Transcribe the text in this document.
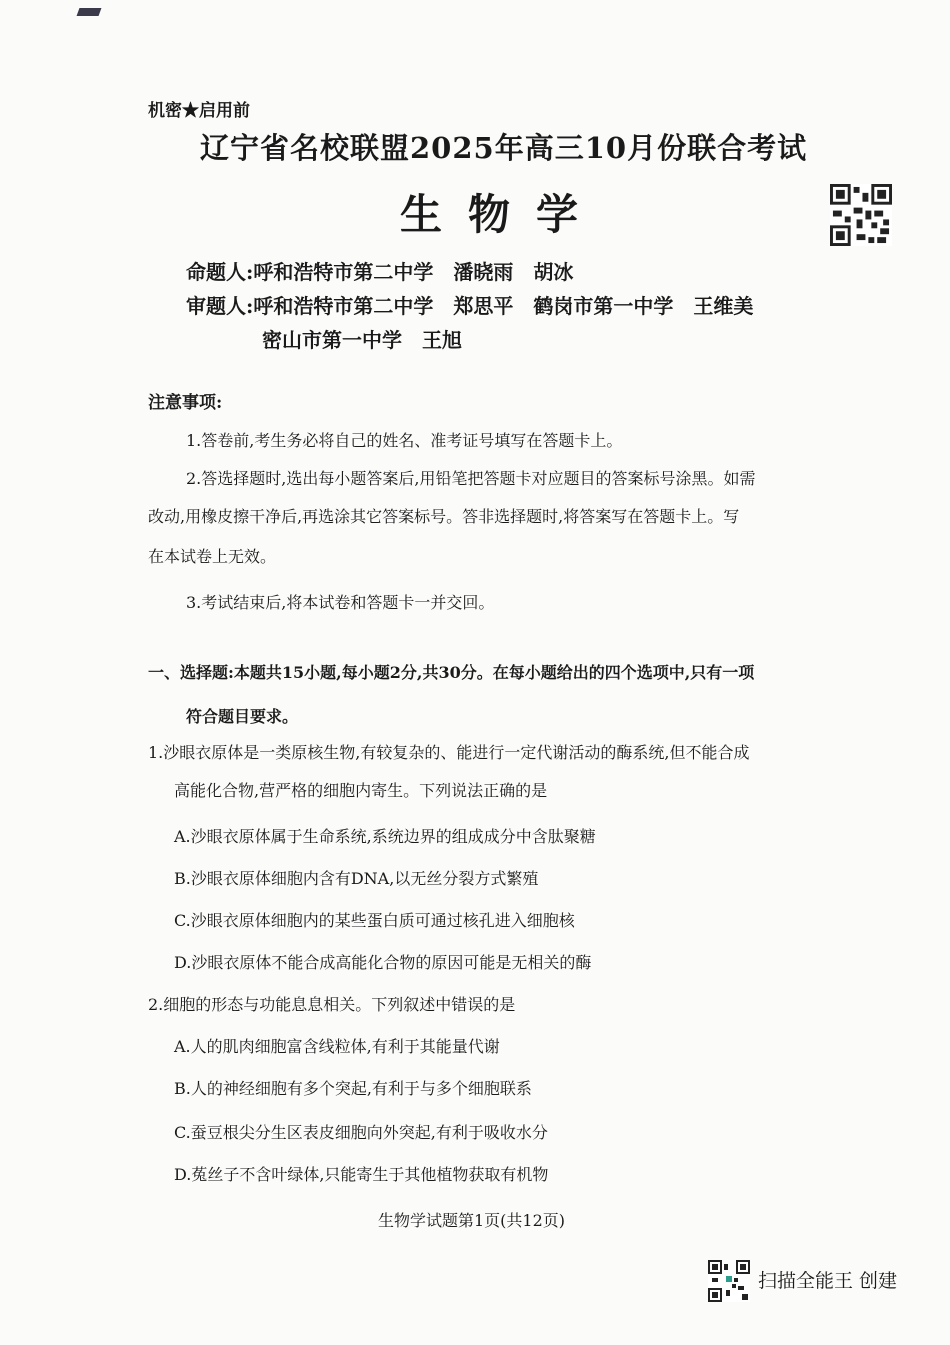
机密★启用前
辽宁省名校联盟2025年高三10月份联合考试
生物学
命题人:呼和浩特市第二中学　潘晓雨　胡冰
审题人:呼和浩特市第二中学　郑思平　鹤岗市第一中学　王维美
密山市第一中学　王旭
注意事项:
1.答卷前,考生务必将自己的姓名、准考证号填写在答题卡上。
2.答选择题时,选出每小题答案后,用铅笔把答题卡对应题目的答案标号涂黑。如需
改动,用橡皮擦干净后,再选涂其它答案标号。答非选择题时,将答案写在答题卡上。写
在本试卷上无效。
3.考试结束后,将本试卷和答题卡一并交回。
一、选择题:本题共15小题,每小题2分,共30分。在每小题给出的四个选项中,只有一项
符合题目要求。
1.沙眼衣原体是一类原核生物,有较复杂的、能进行一定代谢活动的酶系统,但不能合成
高能化合物,营严格的细胞内寄生。下列说法正确的是
A.沙眼衣原体属于生命系统,系统边界的组成成分中含肽聚糖
B.沙眼衣原体细胞内含有DNA,以无丝分裂方式繁殖
C.沙眼衣原体细胞内的某些蛋白质可通过核孔进入细胞核
D.沙眼衣原体不能合成高能化合物的原因可能是无相关的酶
2.细胞的形态与功能息息相关。下列叙述中错误的是
A.人的肌肉细胞富含线粒体,有利于其能量代谢
B.人的神经细胞有多个突起,有利于与多个细胞联系
C.蚕豆根尖分生区表皮细胞向外突起,有利于吸收水分
D.菟丝子不含叶绿体,只能寄生于其他植物获取有机物
生物学试题第1页(共12页)
扫描全能王 创建
